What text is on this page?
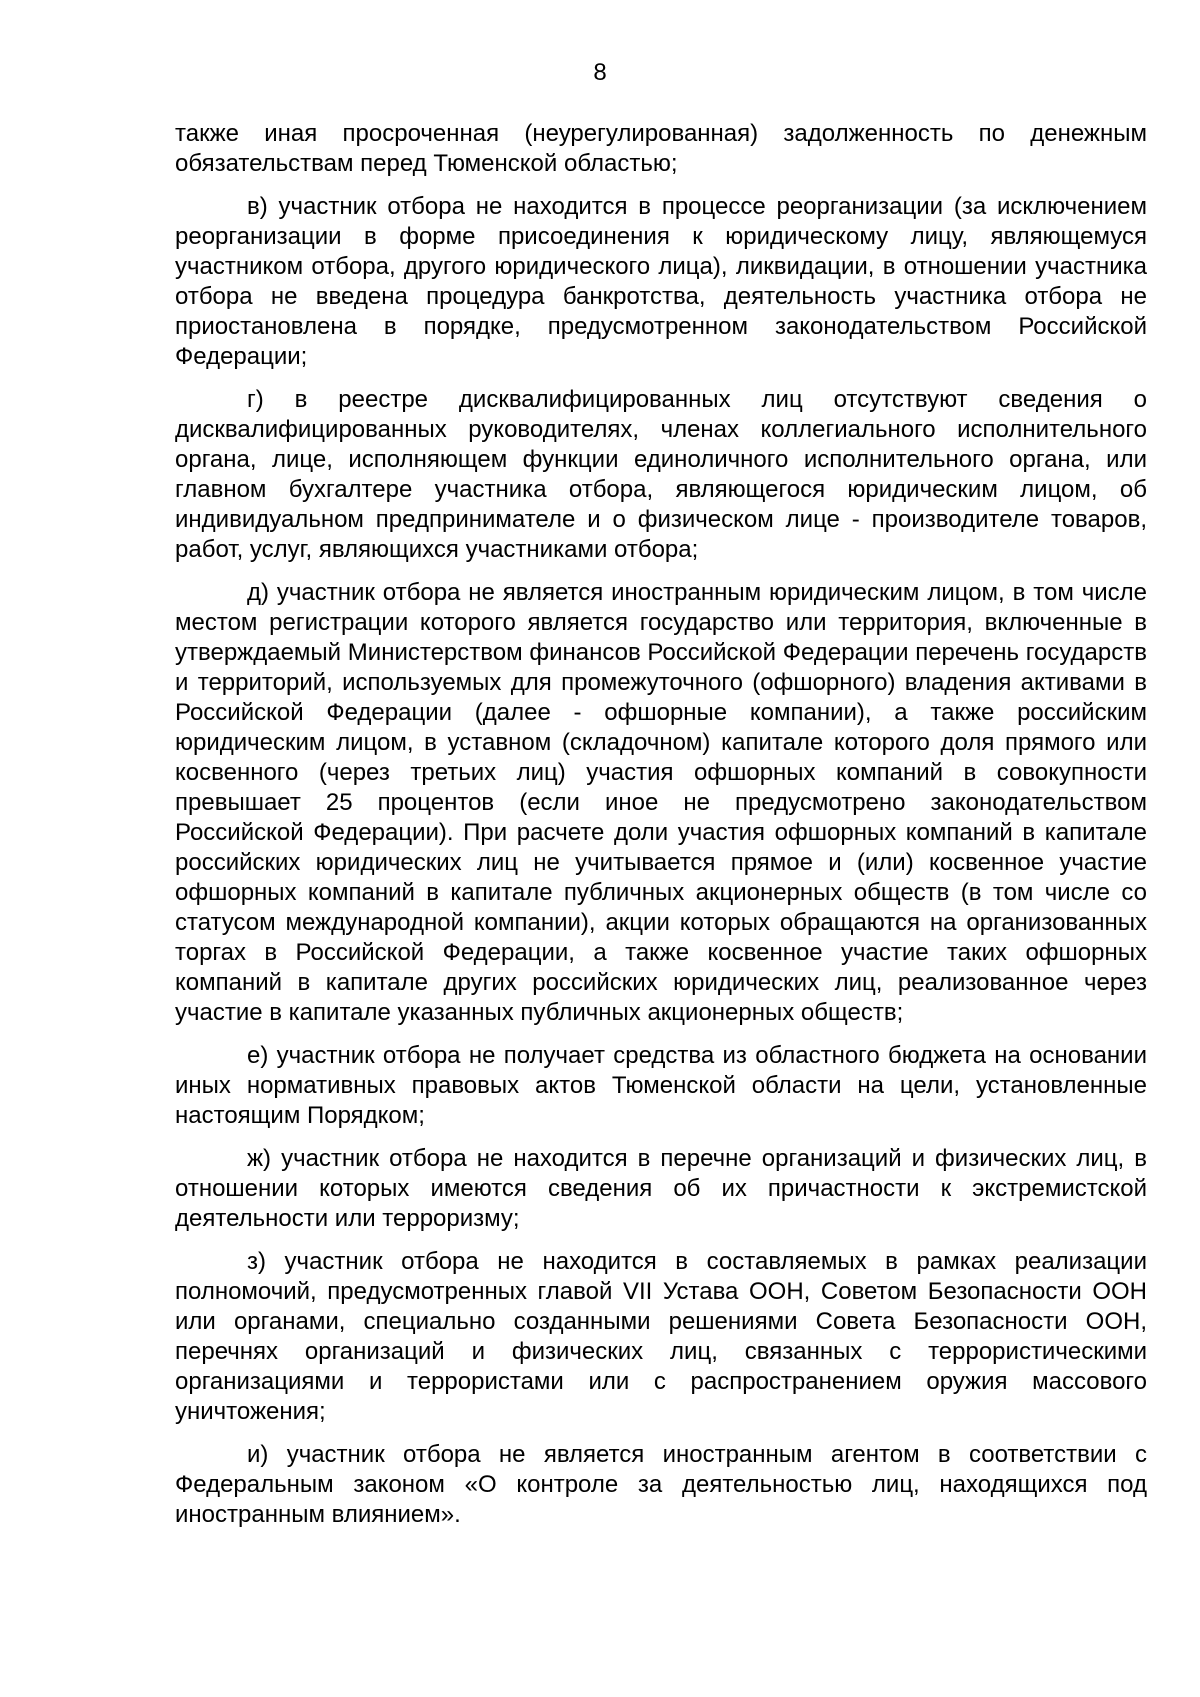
8

также иная просроченная (неурегулированная) задолженность по денежным обязательствам перед Тюменской областью;

в) участник отбора не находится в процессе реорганизации (за исключением реорганизации в форме присоединения к юридическому лицу, являющемуся участником отбора, другого юридического лица), ликвидации, в отношении участника отбора не введена процедура банкротства, деятельность участника отбора не приостановлена в порядке, предусмотренном законодательством Российской Федерации;

г) в реестре дисквалифицированных лиц отсутствуют сведения о дисквалифицированных руководителях, членах коллегиального исполнительного органа, лице, исполняющем функции единоличного исполнительного органа, или главном бухгалтере участника отбора, являющегося юридическим лицом, об индивидуальном предпринимателе и о физическом лице - производителе товаров, работ, услуг, являющихся участниками отбора;

д) участник отбора не является иностранным юридическим лицом, в том числе местом регистрации которого является государство или территория, включенные в утверждаемый Министерством финансов Российской Федерации перечень государств и территорий, используемых для промежуточного (офшорного) владения активами в Российской Федерации (далее - офшорные компании), а также российским юридическим лицом, в уставном (складочном) капитале которого доля прямого или косвенного (через третьих лиц) участия офшорных компаний в совокупности превышает 25 процентов (если иное не предусмотрено законодательством Российской Федерации). При расчете доли участия офшорных компаний в капитале российских юридических лиц не учитывается прямое и (или) косвенное участие офшорных компаний в капитале публичных акционерных обществ (в том числе со статусом международной компании), акции которых обращаются на организованных торгах в Российской Федерации, а также косвенное участие таких офшорных компаний в капитале других российских юридических лиц, реализованное через участие в капитале указанных публичных акционерных обществ;

е) участник отбора не получает средства из областного бюджета на основании иных нормативных правовых актов Тюменской области на цели, установленные настоящим Порядком;

ж) участник отбора не находится в перечне организаций и физических лиц, в отношении которых имеются сведения об их причастности к экстремистской деятельности или терроризму;

з) участник отбора не находится в составляемых в рамках реализации полномочий, предусмотренных главой VII Устава ООН, Советом Безопасности ООН или органами, специально созданными решениями Совета Безопасности ООН, перечнях организаций и физических лиц, связанных с террористическими организациями и террористами или с распространением оружия массового уничтожения;

и) участник отбора не является иностранным агентом в соответствии с Федеральным законом «О контроле за деятельностью лиц, находящихся под иностранным влиянием».
